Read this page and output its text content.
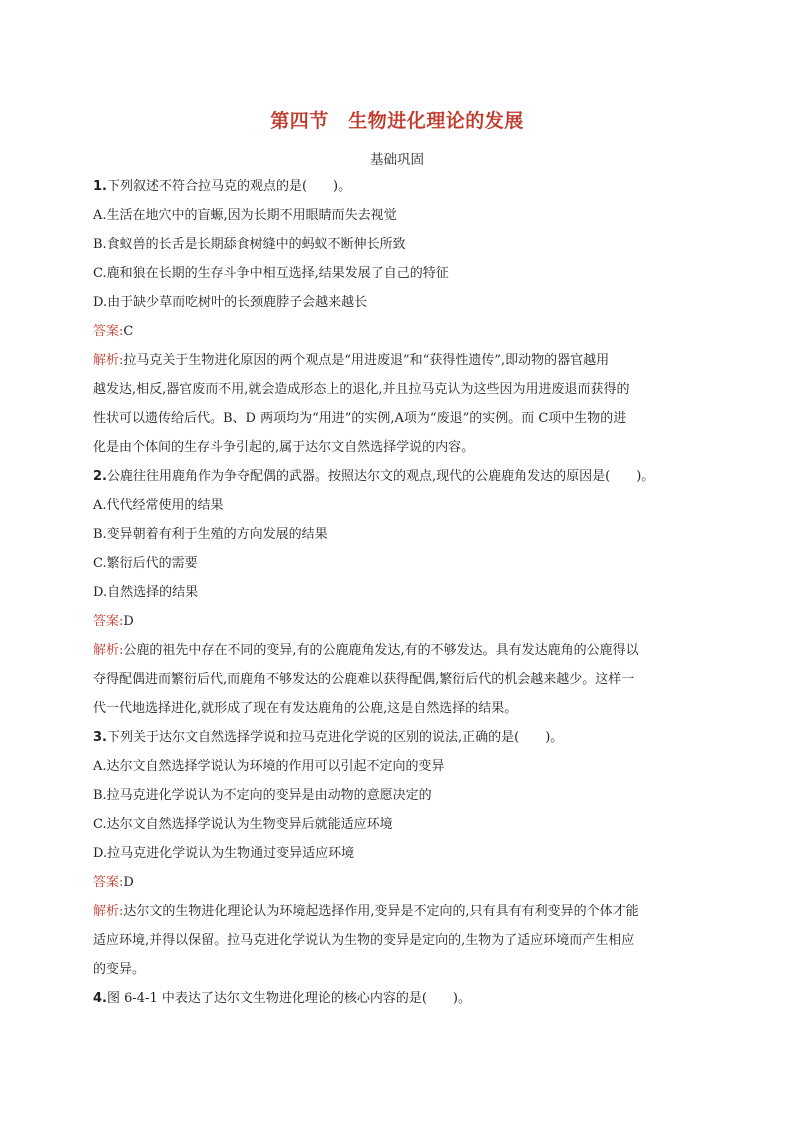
第四节　生物进化理论的发展
基础巩固
1.下列叙述不符合拉马克的观点的是(　　)。
A.生活在地穴中的盲螈,因为长期不用眼睛而失去视觉
B.食蚁兽的长舌是长期舔食树缝中的蚂蚁不断伸长所致
C.鹿和狼在长期的生存斗争中相互选择,结果发展了自己的特征
D.由于缺少草而吃树叶的长颈鹿脖子会越来越长
答案:C
解析:拉马克关于生物进化原因的两个观点是“用进废退”和“获得性遗传”,即动物的器官越用
越发达,相反,器官废而不用,就会造成形态上的退化,并且拉马克认为这些因为用进废退而获得的
性状可以遗传给后代。B、D 两项均为“用进”的实例,A项为“废退”的实例。而 C项中生物的进
化是由个体间的生存斗争引起的,属于达尔文自然选择学说的内容。
2.公鹿往往用鹿角作为争夺配偶的武器。按照达尔文的观点,现代的公鹿鹿角发达的原因是(　　)。
A.代代经常使用的结果
B.变异朝着有利于生殖的方向发展的结果
C.繁衍后代的需要
D.自然选择的结果
答案:D
解析:公鹿的祖先中存在不同的变异,有的公鹿鹿角发达,有的不够发达。具有发达鹿角的公鹿得以
夺得配偶进而繁衍后代,而鹿角不够发达的公鹿难以获得配偶,繁衍后代的机会越来越少。这样一
代一代地选择进化,就形成了现在有发达鹿角的公鹿,这是自然选择的结果。
3.下列关于达尔文自然选择学说和拉马克进化学说的区别的说法,正确的是(　　)。
A.达尔文自然选择学说认为环境的作用可以引起不定向的变异
B.拉马克进化学说认为不定向的变异是由动物的意愿决定的
C.达尔文自然选择学说认为生物变异后就能适应环境
D.拉马克进化学说认为生物通过变异适应环境
答案:D
解析:达尔文的生物进化理论认为环境起选择作用,变异是不定向的,只有具有有利变异的个体才能
适应环境,并得以保留。拉马克进化学说认为生物的变异是定向的,生物为了适应环境而产生相应
的变异。
4.图 6-4-1 中表达了达尔文生物进化理论的核心内容的是(　　)。
